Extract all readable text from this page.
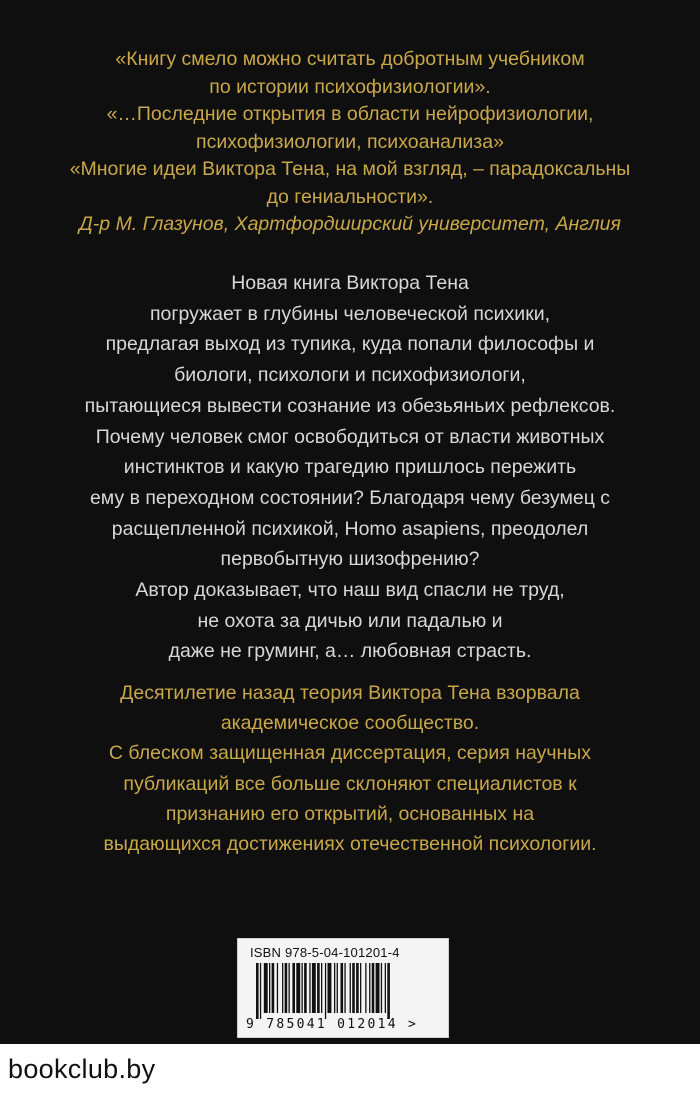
«Книгу смело можно считать добротным учебником
по истории психофизиологии».
«…Последние открытия в области нейрофизиологии,
психофизиологии, психоанализа»
«Многие идеи Виктора Тена, на мой взгляд, – парадоксальны
до гениальности».
Д-р М. Глазунов, Хартфордширский университет, Англия
Новая книга Виктора Тена
погружает в глубины человеческой психики,
предлагая выход из тупика, куда попали философы и
биологи, психологи и психофизиологи,
пытающиеся вывести сознание из обезьяньих рефлексов.
Почему человек смог освободиться от власти животных
инстинктов и какую трагедию пришлось пережить
ему в переходном состоянии? Благодаря чему безумец с
расщепленной психикой, Homo asapiens, преодолел
первобытную шизофрению?
Автор доказывает, что наш вид спасли не труд,
не охота за дичью или падалью и
даже не груминг, а… любовная страсть.
Десятилетие назад теория Виктора Тена взорвала
академическое сообщество.
С блеском защищенная диссертация, серия научных
публикаций все больше склоняют специалистов к
признанию его открытий, основанных на
выдающихся достижениях отечественной психологии.
ISBN 978-5-04-101201-4
9 785041 012014 >
bookclub.by
